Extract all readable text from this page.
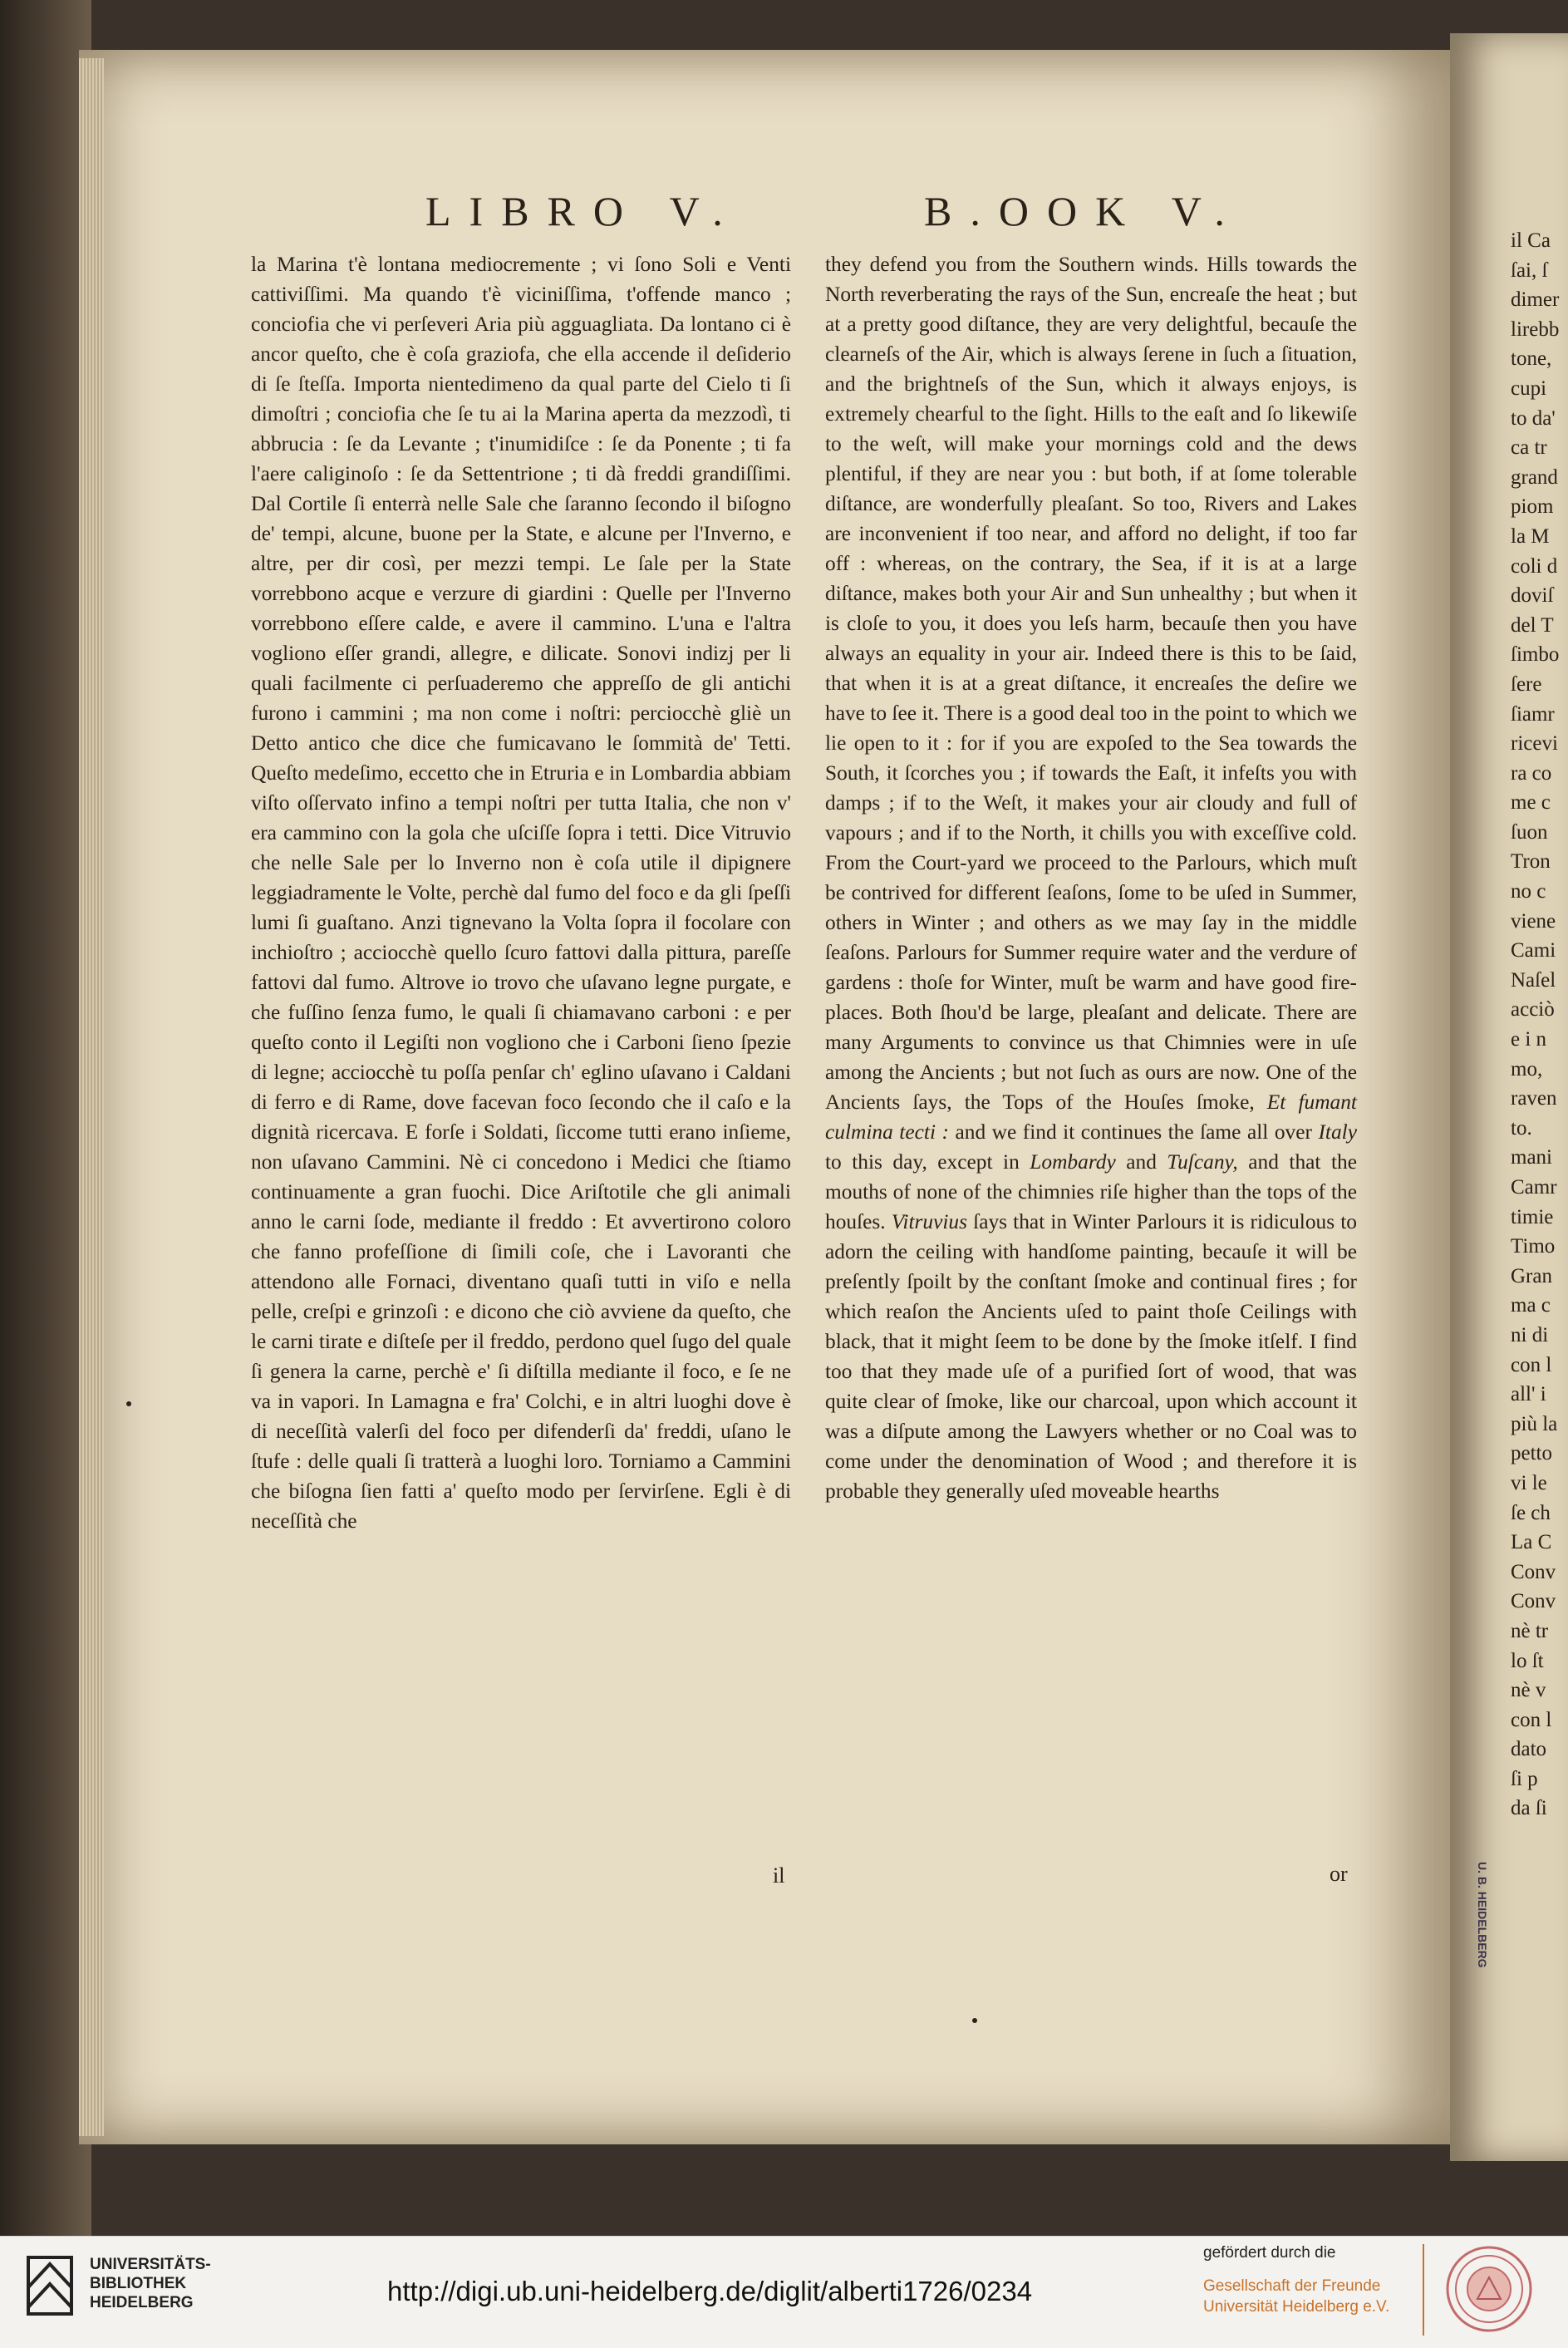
LIBRO V.	B.OOK V.

la Marina t'è lontana mediocremente ; vi ſono Soli e Venti cattiviſſimi. Ma quando t'è viciniſſima, t'offende manco ; conciofia che vi perſeveri Aria più agguagliata. Da lontano ci è ancor queſto, che è coſa graziofa, che ella accende il deſiderio di ſe ſteſſa. Importa nientedimeno da qual parte del Cielo ti ſi dimoſtri ; conciofia che ſe tu ai la Marina aperta da mezzodì, ti abbrucia : ſe da Levante ; t'inumidiſce : ſe da Ponente ; ti fa l'aere caliginoſo : ſe da Settentrione ; ti dà freddi grandiſſimi. Dal Cortile ſi enterrà nelle Sale che ſaranno ſecondo il biſogno de' tempi, alcune, buone per la State, e alcune per l'Inverno, e altre, per dir così, per mezzi tempi. Le ſale per la State vorrebbono acque e verzure di giardini : Quelle per l'Inverno vorrebbono eſſere calde, e avere il cammino. L'una e l'altra vogliono eſſer grandi, allegre, e dilicate. Sonovi indizj per li quali facilmente ci perſuaderemo che appreſſo de gli antichi furono i cammini ; ma non come i noſtri: perciocchè gliè un Detto antico che dice che fumicavano le ſommità de' Tetti. Queſto medeſimo, eccetto che in Etruria e in Lombardia abbiam viſto oſſervato infino a tempi noſtri per tutta Italia, che non v' era cammino con la gola che uſciſſe ſopra i tetti. Dice Vitruvio che nelle Sale per lo Inverno non è coſa utile il dipignere leggiadramente le Volte, perchè dal fumo del foco e da gli ſpeſſi lumi ſi guaſtano. Anzi tignevano la Volta ſopra il focolare con inchioſtro ; acciocchè quello ſcuro fattovi dalla pittura, pareſſe fattovi dal fumo. Altrove io trovo che uſavano legne purgate, e che fuſſino ſenza fumo, le quali ſi chiamavano carboni : e per queſto conto il Legiſti non vogliono che i Carboni ſieno ſpezie di legne; acciocchè tu poſſa penſar ch' eglino uſavano i Caldani di ferro e di Rame, dove facevan foco ſecondo che il caſo e la dignità ricercava. E forſe i Soldati, ſiccome tutti erano inſieme, non uſavano Cammini. Nè ci concedono i Medici che ſtiamo continuamente a gran fuochi. Dice Ariſtotile che gli animali anno le carni ſode, mediante il freddo : Et avvertirono coloro che fanno profeſſione di ſimili coſe, che i Lavoranti che attendono alle Fornaci, diventano quaſi tutti in viſo e nella pelle, creſpi e grinzoſi : e dicono che ciò avviene da queſto, che le carni tirate e diſteſe per il freddo, perdono quel ſugo del quale ſi genera la carne, perchè e' ſi diſtilla mediante il foco, e ſe ne va in vapori. In Lamagna e fra' Colchi, e in altri luoghi dove è di neceſſità valerſi del foco per difenderſi da' freddi, uſano le ſtufe : delle quali ſi tratterà a luoghi loro. Torniamo a Cammini che biſogna ſien fatti a' queſto modo per ſervirſene. Egli è di neceſſità che

il

they defend you from the Southern winds. Hills towards the North reverberating the rays of the Sun, encreaſe the heat ; but at a pretty good diſtance, they are very delightful, becauſe the clearneſs of the Air, which is always ſerene in ſuch a ſituation, and the brightneſs of the Sun, which it always enjoys, is extremely chearful to the ſight. Hills to the eaſt and ſo likewiſe to the weſt, will make your mornings cold and the dews plentiful, if they are near you : but both, if at ſome tolerable diſtance, are wonderfully pleaſant. So too, Rivers and Lakes are inconvenient if too near, and afford no delight, if too far off : whereas, on the contrary, the Sea, if it is at a large diſtance, makes both your Air and Sun unhealthy ; but when it is cloſe to you, it does you leſs harm, becauſe then you have always an equality in your air. Indeed there is this to be ſaid, that when it is at a great diſtance, it encreaſes the deſire we have to ſee it. There is a good deal too in the point to which we lie open to it : for if you are expoſed to the Sea towards the South, it ſcorches you ; if towards the Eaſt, it infeſts you with damps ; if to the Weſt, it makes your air cloudy and full of vapours ; and if to the North, it chills you with exceſſive cold. From the Court-yard we proceed to the Parlours, which muſt be contrived for different ſeaſons, ſome to be uſed in Summer, others in Winter ; and others as we may ſay in the middle ſeaſons. Parlours for Summer require water and the verdure of gardens : thoſe for Winter, muſt be warm and have good fire-places. Both ſhou'd be large, pleaſant and delicate. There are many Arguments to convince us that Chimnies were in uſe among the Ancients ; but not ſuch as ours are now. One of the Ancients ſays, the Tops of the Houſes ſmoke, Et fumant culmina tecti : and we find it continues the ſame all over Italy to this day, except in Lombardy and Tuſcany, and that the mouths of none of the chimnies riſe higher than the tops of the houſes. Vitruvius ſays that in Winter Parlours it is ridiculous to adorn the ceiling with handſome painting, becauſe it will be preſently ſpoilt by the conſtant ſmoke and continual fires ; for which reaſon the Ancients uſed to paint thoſe Ceilings with black, that it might ſeem to be done by the ſmoke itſelf. I find too that they made uſe of a purified ſort of wood, that was quite clear of ſmoke, like our charcoal, upon which account it was a diſpute among the Lawyers whether or no Coal was to come under the denomination of Wood ; and therefore it is probable they generally uſed moveable hearths

or
il Ca
ſai, ſ
dimer
lirebb
tone,
cupi
to da'
ca tr
grand
piom
la M
coli d
doviſ
del T
ſimbo
ſere
ſiamr
ricevi
ra co
me c
ſuon
Tron
no c
viene
Cami
Naſel
acciò
e i n
mo,
raven
to.
mani
Camr
timie
Timo
Gran
ma c
ni di
con l
all' i
più la
petto
vi le
ſe ch
La C
Conv
Conv
nè tr
lo ſt
nè v
con l
dato
ſi p
da ſi
U. B. HEIDELBERG
UNIVERSITÄTS-
BIBLIOTHEK
HEIDELBERG	http://digi.ub.uni-heidelberg.de/diglit/alberti1726/0234
gefördert durch die
Gesellschaft der Freunde
Universität Heidelberg e.V.
